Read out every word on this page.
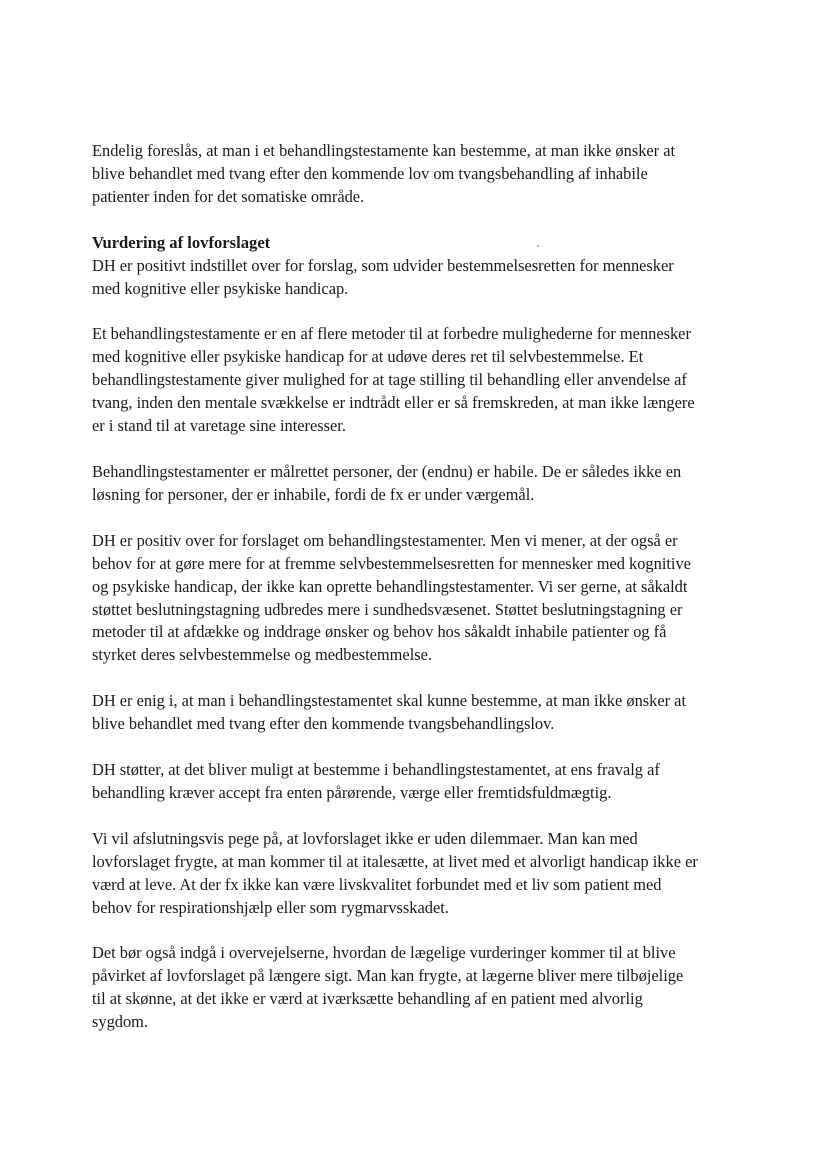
Endelig foreslås, at man i et behandlingstestamente kan bestemme, at man ikke ønsker at
blive behandlet med tvang efter den kommende lov om tvangsbehandling af inhabile
patienter inden for det somatiske område.

Vurdering af lovforslaget

DH er positivt indstillet over for forslag, som udvider bestemmelsesretten for mennesker
med kognitive eller psykiske handicap.

Et behandlingstestamente er en af flere metoder til at forbedre mulighederne for mennesker
med kognitive eller psykiske handicap for at udøve deres ret til selvbestemmelse. Et
behandlingstestamente giver mulighed for at tage stilling til behandling eller anvendelse af
tvang, inden den mentale svækkelse er indtrådt eller er så fremskreden, at man ikke længere
er i stand til at varetage sine interesser.

Behandlingstestamenter er målrettet personer, der (endnu) er habile. De er således ikke en
løsning for personer, der er inhabile, fordi de fx er under værgemål.

DH er positiv over for forslaget om behandlingstestamenter. Men vi mener, at der også er
behov for at gøre mere for at fremme selvbestemmelsesretten for mennesker med kognitive
og psykiske handicap, der ikke kan oprette behandlingstestamenter. Vi ser gerne, at såkaldt
støttet beslutningstagning udbredes mere i sundhedsvæsenet. Støttet beslutningstagning er
metoder til at afdække og inddrage ønsker og behov hos såkaldt inhabile patienter og få
styrket deres selvbestemmelse og medbestemmelse.

DH er enig i, at man i behandlingstestamentet skal kunne bestemme, at man ikke ønsker at
blive behandlet med tvang efter den kommende tvangsbehandlingslov.

DH støtter, at det bliver muligt at bestemme i behandlingstestamentet, at ens fravalg af
behandling kræver accept fra enten pårørende, værge eller fremtidsfuldmægtig.

Vi vil afslutningsvis pege på, at lovforslaget ikke er uden dilemmaer. Man kan med
lovforslaget frygte, at man kommer til at italesætte, at livet med et alvorligt handicap ikke er
værd at leve. At der fx ikke kan være livskvalitet forbundet med et liv som patient med
behov for respirationshjælp eller som rygmarvsskadet.

Det bør også indgå i overvejelserne, hvordan de lægelige vurderinger kommer til at blive
påvirket af lovforslaget på længere sigt. Man kan frygte, at lægerne bliver mere tilbøjelige
til at skønne, at det ikke er værd at iværksætte behandling af en patient med alvorlig
sygdom.
